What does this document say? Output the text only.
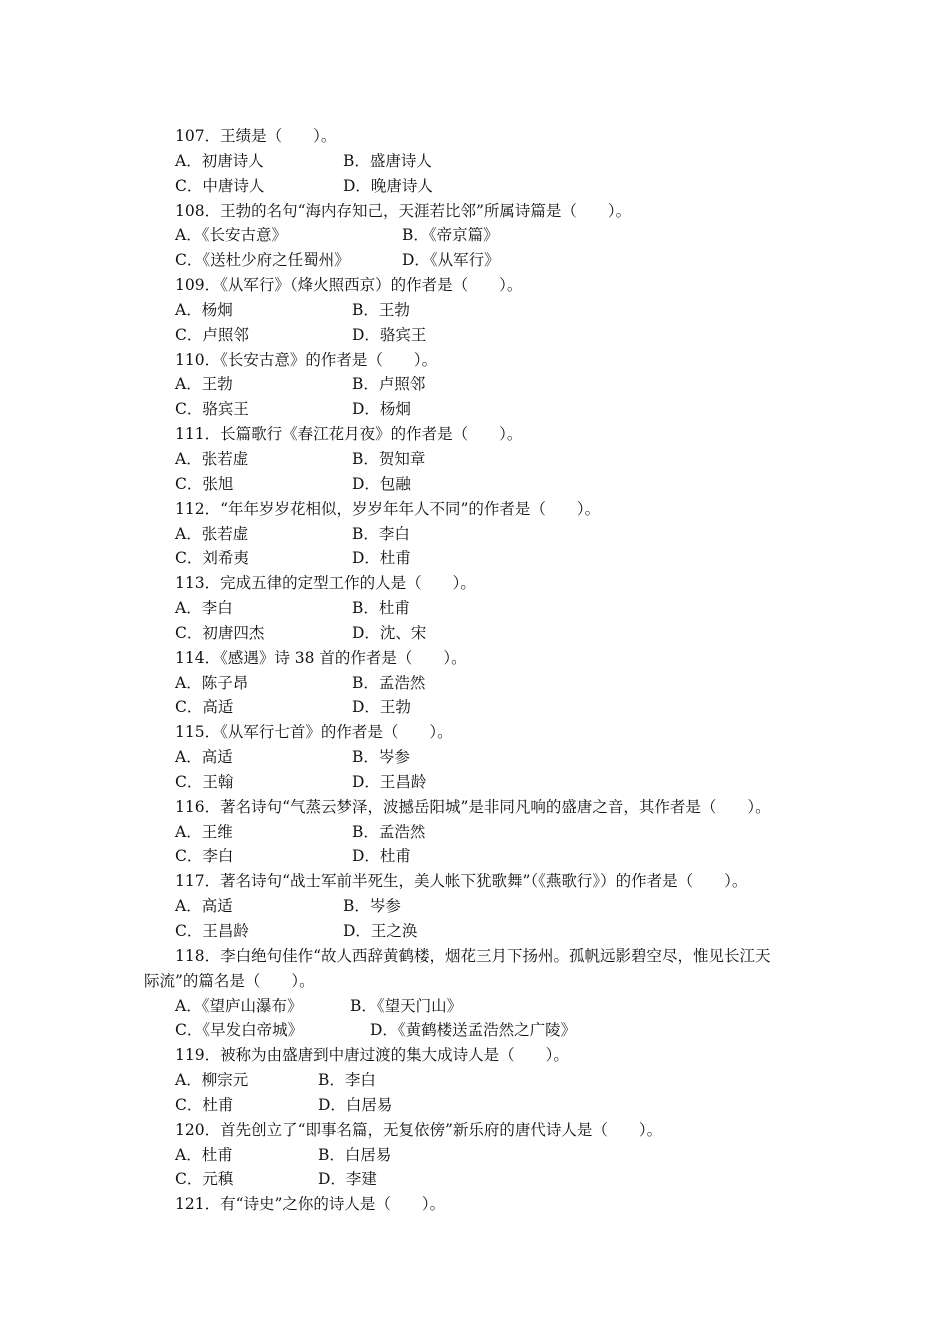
107．王绩是（　　）。
A．初唐诗人	B．盛唐诗人
C．中唐诗人	D．晚唐诗人
108．王勃的名句“海内存知己，天涯若比邻”所属诗篇是（　　）。
A．《长安古意》	B．《帝京篇》
C．《送杜少府之任蜀州》	D．《从军行》
109．《从军行》（烽火照西京）的作者是（　　）。
A．杨炯	B．王勃
C．卢照邻	D．骆宾王
110．《长安古意》的作者是（　　）。
A．王勃	B．卢照邻
C．骆宾王	D．杨炯
111．长篇歌行《春江花月夜》的作者是（　　）。
A．张若虚	B．贺知章
C．张旭	D．包融
112．“年年岁岁花相似，岁岁年年人不同”的作者是（　　）。
A．张若虚	B．李白
C．刘希夷	D．杜甫
113．完成五律的定型工作的人是（　　）。
A．李白	B．杜甫
C．初唐四杰	D．沈、宋
114．《感遇》诗 38 首的作者是（　　）。
A．陈子昂	B．孟浩然
C．高适	D．王勃
115．《从军行七首》的作者是（　　）。
A．高适	B．岑参
C．王翰	D．王昌龄
116．著名诗句“气蒸云梦泽，波撼岳阳城”是非同凡响的盛唐之音，其作者是（　　）。
A．王维	B．孟浩然
C．李白	D．杜甫
117．著名诗句“战士军前半死生，美人帐下犹歌舞”（《燕歌行》）的作者是（　　）。
A．高适	B．岑参
C．王昌龄	D．王之涣
118．李白绝句佳作“故人西辞黄鹤楼，烟花三月下扬州。孤帆远影碧空尽，惟见长江天
际流”的篇名是（　　）。
A．《望庐山瀑布》	B．《望天门山》
C．《早发白帝城》	D．《黄鹤楼送孟浩然之广陵》
119．被称为由盛唐到中唐过渡的集大成诗人是（　　）。
A．柳宗元	B．李白
C．杜甫	D．白居易
120．首先创立了“即事名篇，无复依傍”新乐府的唐代诗人是（　　）。
A．杜甫	B．白居易
C．元稹	D．李建
121．有“诗史”之你的诗人是（　　）。
